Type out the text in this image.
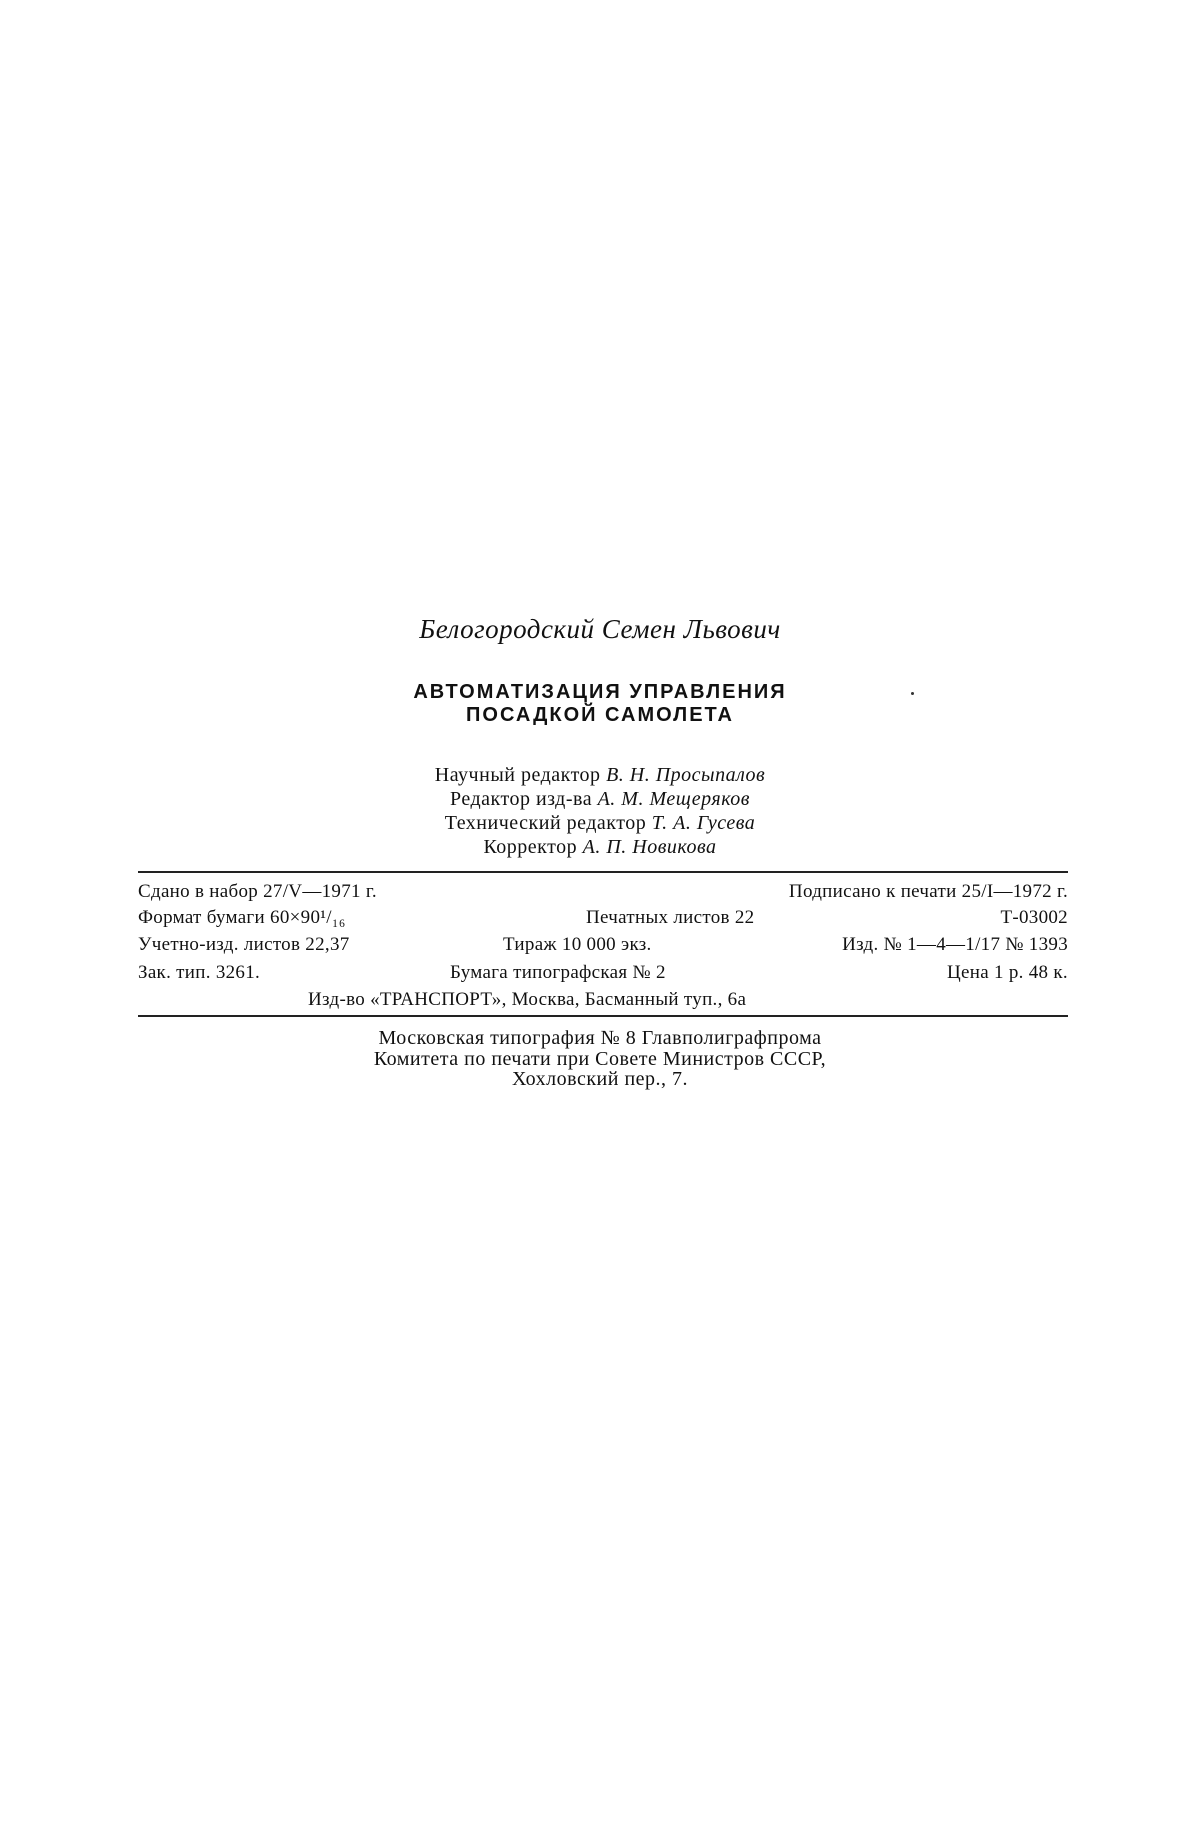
Белогородский Семен Львович
АВТОМАТИЗАЦИЯ УПРАВЛЕНИЯ
ПОСАДКОЙ САМОЛЕТА
Научный редактор В. Н. Просыпалов
Редактор изд-ва А. М. Мещеряков
Технический редактор Т. А. Гусева
Корректор А. П. Новикова
Сдано в набор 27/V—1971 г.	Подписано к печати 25/I—1972 г.
Формат бумаги 60×90¹/₁₆	Печатных листов 22	Т-03002
Учетно-изд. листов 22,37	Тираж 10 000 экз.	Изд. № 1—4—1/17 № 1393
Зак. тип. 3261.	Бумага типографская № 2	Цена 1 р. 48 к.
Изд-во «ТРАНСПОРТ», Москва, Басманный туп., 6а
Московская типография № 8 Главполиграфпрома
Комитета по печати при Совете Министров СССР,
Хохловский пер., 7.
